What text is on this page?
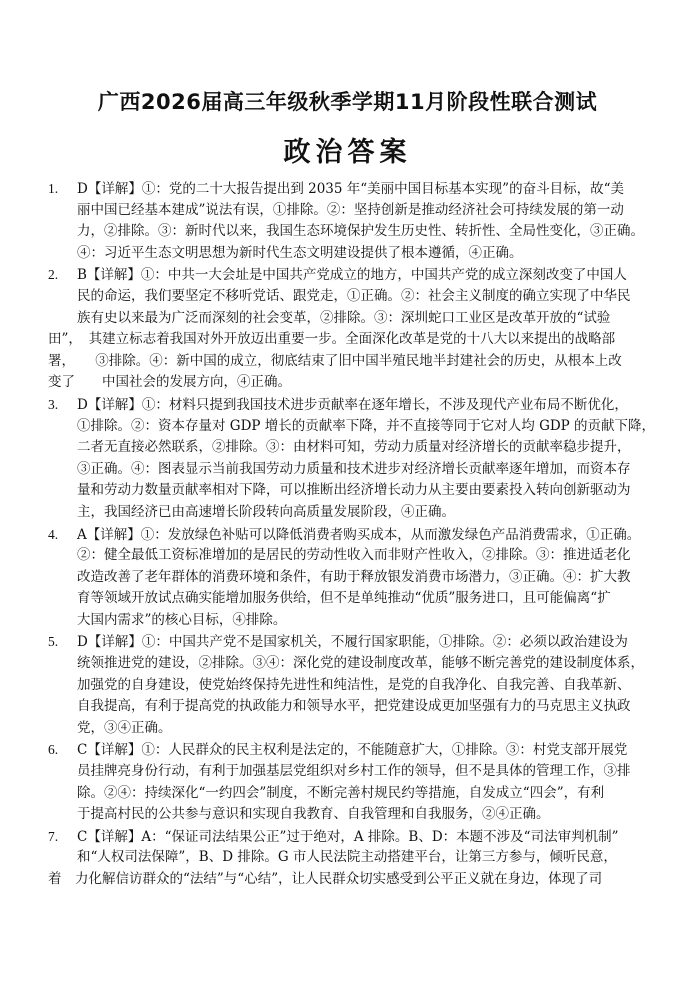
广西2026届高三年级秋季学期11月阶段性联合测试
政治答案
1. D【详解】①：党的二十大报告提出到 2035 年“美丽中国目标基本实现”的奋斗目标，故“美
丽中国已经基本建成”说法有误，①排除。②：坚持创新是推动经济社会可持续发展的第一动
力，②排除。③：新时代以来，我国生态环境保护发生历史性、转折性、全局性变化，③正确。
④：习近平生态文明思想为新时代生态文明建设提供了根本遵循，④正确。
2. B【详解】①：中共一大会址是中国共产党成立的地方，中国共产党的成立深刻改变了中国人
民的命运，我们要坚定不移听党话、跟党走，①正确。②：社会主义制度的确立实现了中华民
族有史以来最为广泛而深刻的社会变革，②排除。③：深圳蛇口工业区是改革开放的“试验
田”，　其建立标志着我国对外开放迈出重要一步。全面深化改革是党的十八大以来提出的战略部
署，　　③排除。④：新中国的成立，彻底结束了旧中国半殖民地半封建社会的历史，从根本上改
变了　　中国社会的发展方向，④正确。
3. D【详解】①：材料只提到我国技术进步贡献率在逐年增长，不涉及现代产业布局不断优化，
①排除。②：资本存量对 GDP 增长的贡献率下降，并不直接等同于它对人均 GDP 的贡献下降，
二者无直接必然联系，②排除。③：由材料可知，劳动力质量对经济增长的贡献率稳步提升，
③正确。④：图表显示当前我国劳动力质量和技术进步对经济增长贡献率逐年增加，而资本存
量和劳动力数量贡献率相对下降，可以推断出经济增长动力从主要由要素投入转向创新驱动为
主，我国经济已由高速增长阶段转向高质量发展阶段，④正确。
4. A【详解】①：发放绿色补贴可以降低消费者购买成本，从而激发绿色产品消费需求，①正确。
②：健全最低工资标准增加的是居民的劳动性收入而非财产性收入，②排除。③：推进适老化
改造改善了老年群体的消费环境和条件，有助于释放银发消费市场潜力，③正确。④：扩大教
育等领域开放试点确实能增加服务供给，但不是单纯推动“优质”服务进口，且可能偏离“扩
大国内需求”的核心目标，④排除。
5. D【详解】①：中国共产党不是国家机关，不履行国家职能，①排除。②：必须以政治建设为
统领推进党的建设，②排除。③④：深化党的建设制度改革，能够不断完善党的建设制度体系，
加强党的自身建设，使党始终保持先进性和纯洁性，是党的自我净化、自我完善、自我革新、
自我提高，有利于提高党的执政能力和领导水平，把党建设成更加坚强有力的马克思主义执政
党，③④正确。
6. C【详解】①：人民群众的民主权利是法定的，不能随意扩大，①排除。③：村党支部开展党
员挂牌亮身份行动，有利于加强基层党组织对乡村工作的领导，但不是具体的管理工作，③排
除。②④：持续深化“一约四会”制度，不断完善村规民约等措施，自发成立“四会”，有利
于提高村民的公共参与意识和实现自我教育、自我管理和自我服务，②④正确。
7. C【详解】A：“保证司法结果公正”过于绝对，A 排除。B、D：本题不涉及“司法审判机制”
和“人权司法保障”，B、D 排除。G 市人民法院主动搭建平台，让第三方参与，倾听民意，
着　力化解信访群众的“法结”与“心结”，让人民群众切实感受到公平正义就在身边，体现了司
